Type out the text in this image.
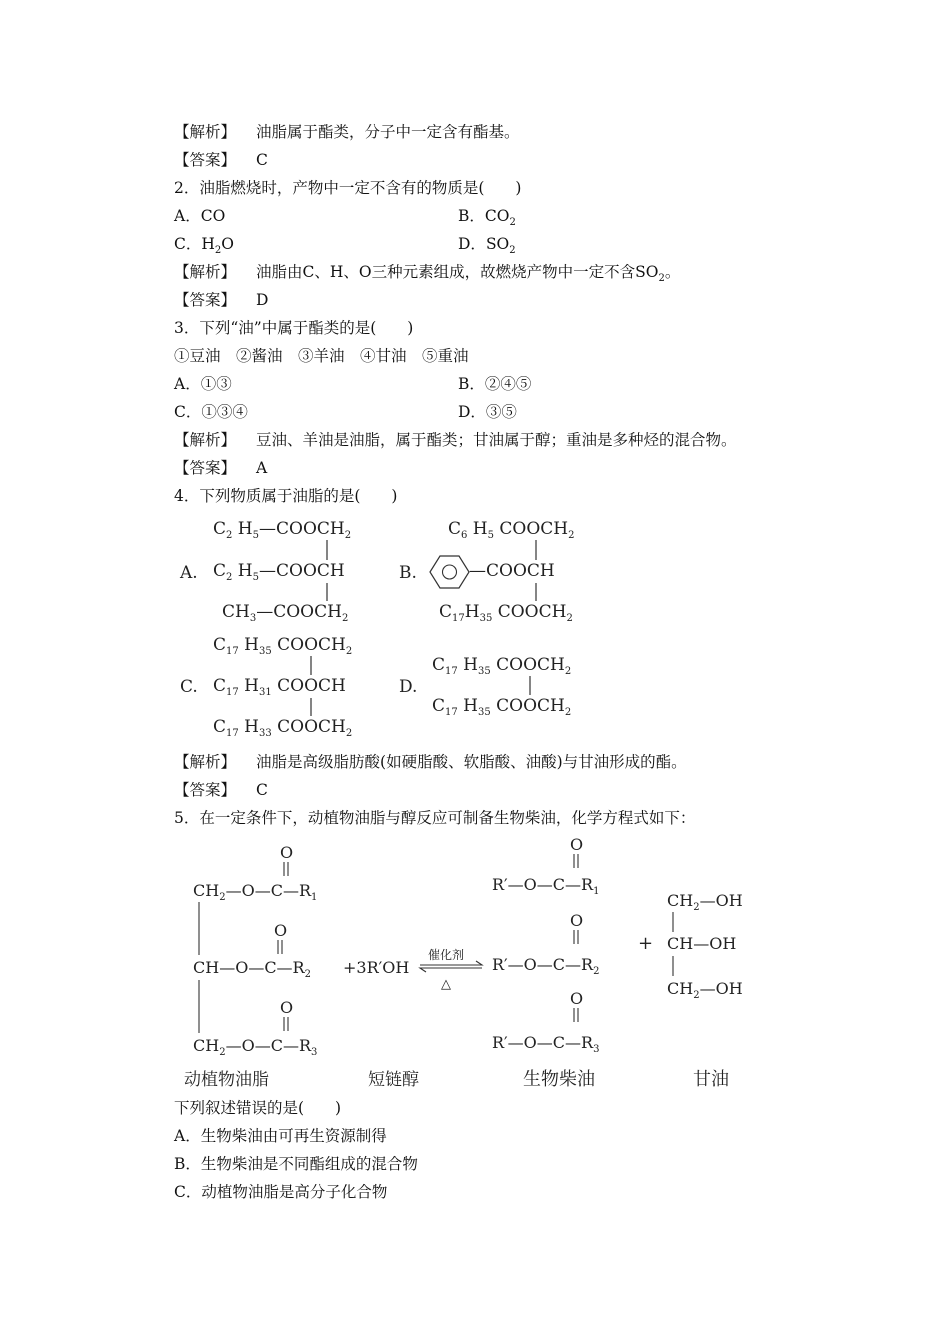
【解析】 油脂属于酯类，分子中一定含有酯基。
【答案】 C
2．油脂燃烧时，产物中一定不含有的物质是(　　)
A．CO	B．$CO_2$
C．$H_2O$	D．$SO_2$
【解析】 油脂由C、H、O三种元素组成，故燃烧产物中一定不含$SO_2$。
【答案】 D
3．下列“油”中属于酯类的是(　　)
①豆油　②酱油　③羊油　④甘油　⑤重油
A．①③	B．②④⑤
C．①③④	D．③⑤
【解析】 豆油、羊油是油脂，属于酯类；甘油属于醇；重油是多种烃的混合物。
【答案】 A
4．下列物质属于油脂的是(　　)
A.
$C_2$ $H_5—COOCH_2$
$C_2$ $H_5—COOCH$
$CH_3—COOCH_2$
B.
$C_6$ $H_5$ $COOCH_2$
—COOCH
$C_{17}H_{35}$ $COOCH_2$
C.
$C_{17}$ $H_{35}$ $COOCH_2$
$C_{17}$ $H_{31}$ COOCH
$C_{17}$ $H_{33}$ $COOCH_2$
D.
$C_{17}$ $H_{35}$ $COOCH_2$
$C_{17}$ $H_{35}$ $COOCH_2$
【解析】 油脂是高级脂肪酸(如硬脂酸、软脂酸、油酸)与甘油形成的酯。
【答案】 C
5．在一定条件下，动植物油脂与醇反应可制备生物柴油，化学方程式如下：
O
$CH_2—O—C—R_1$
O
$CH—O—C—R_2$
O
$CH_2—O—C—R_3$
+3R′OH
催化剂
△
O
$R'—O—C—R_1$
O
$R'—O—C—R_2$
O
$R'—O—C—R_3$
+
$CH_2—OH$
CH—OH
$CH_2—OH$
动植物油脂	短链醇	生物柴油	甘油
下列叙述错误的是(　　)
A．生物柴油由可再生资源制得
B．生物柴油是不同酯组成的混合物
C．动植物油脂是高分子化合物
